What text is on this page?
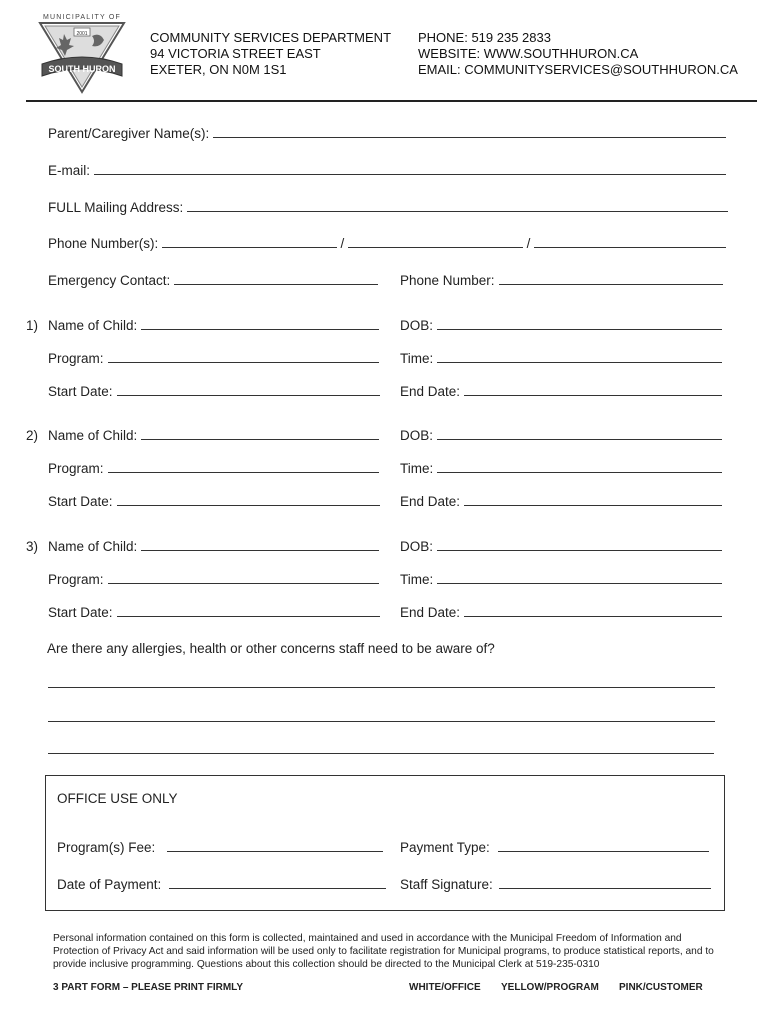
MUNICIPALITY OF
2001
SOUTH HURON
COMMUNITY SERVICES DEPARTMENT
94 VICTORIA STREET EAST
EXETER, ON N0M 1S1
PHONE: 519 235 2833
WEBSITE: WWW.SOUTHHURON.CA
EMAIL: COMMUNITYSERVICES@SOUTHHURON.CA
Parent/Caregiver Name(s):
E-mail:
FULL Mailing Address:
Phone Number(s):	/	/
Emergency Contact:	Phone Number:
1) Name of Child:	DOB:
Program:	Time:
Start Date:	End Date:
2) Name of Child:	DOB:
Program:	Time:
Start Date:	End Date:
3) Name of Child:	DOB:
Program:	Time:
Start Date:	End Date:
Are there any allergies, health or other concerns staff need to be aware of?
OFFICE USE ONLY
Program(s) Fee:	Payment Type:
Date of Payment:	Staff Signature:
Personal information contained on this form is collected, maintained and used in accordance with the Municipal Freedom of Information and Protection of Privacy Act and said information will be used only to facilitate registration for Municipal programs, to produce statistical reports, and to provide inclusive programming. Questions about this collection should be directed to the Municipal Clerk at 519-235-0310
3 PART FORM – PLEASE PRINT FIRMLY	WHITE/OFFICE YELLOW/PROGRAM PINK/CUSTOMER
